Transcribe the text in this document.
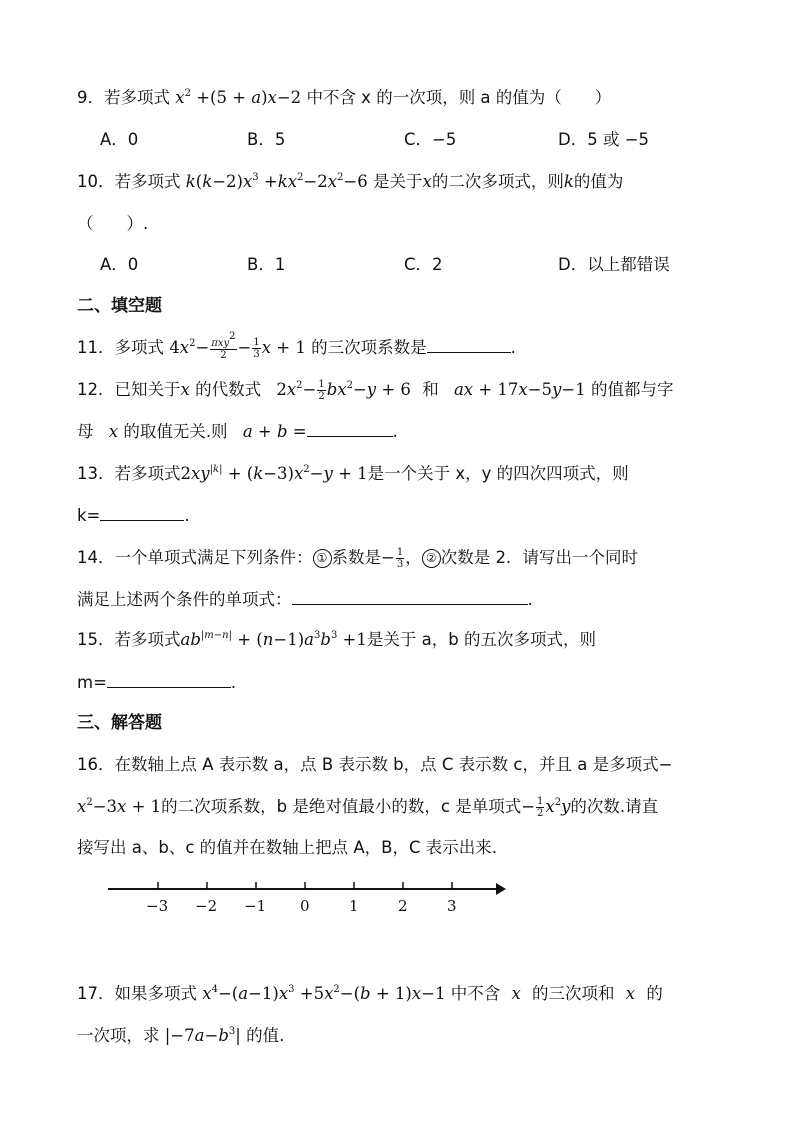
9．若多项式 $x^2 +(5 + a)x-2$ 中不含 x 的一次项，则 a 的值为（　　）
A．0	B．5	C．−5	D．5 或 −5
10．若多项式 $k(k-2)x^3 +kx^2-2x^2-6$ 是关于x的二次多项式，则k的值为
（　　）.
A．0	B．1	C．2	D．以上都错误
二、填空题
11．多项式 $4x^2- \frac{\pi xy^2}{2} - \frac{1}{3}$ x + 1 的三次项系数是	.
12．已知关于x 的代数式 $2x^2- \frac{1}{2} bx^2-y + 6$ 和 ax + 17x−5y−1 的值都与字
母 x 的取值无关.则 a + b =	.
13．若多项式$2xy^{|k|} + (k-3)x^2-y + 1$是一个关于 x，y 的四次四项式，则
k=	.
14．一个单项式满足下列条件： ① 系数是− $\frac{1}{3}$ ， ② 次数是 2．请写出一个同时
满足上述两个条件的单项式：	.
15．若多项式$ab^{|m-n|} + (n-1)a^3b^3 +1$是关于 a，b 的五次多项式，则
m=	.
三、解答题
16．在数轴上点 A 表示数 a，点 B 表示数 b，点 C 表示数 c，并且 a 是多项式−
$x^2-3x + 1$的二次项系数，b 是绝对值最小的数，c 是单项式− $\frac{1}{2} x^2y$的次数.请直
接写出 a、b、c 的值并在数轴上把点 A，B，C 表示出来.
−3 −2 −1 0	1	2	3
17．如果多项式 $x^4-(a-1)x^3 +5x^2-(b + 1)x-1$ 中不含 x 的三次项和 x 的
一次项，求 $|-7a-b^3|$ 的值.
